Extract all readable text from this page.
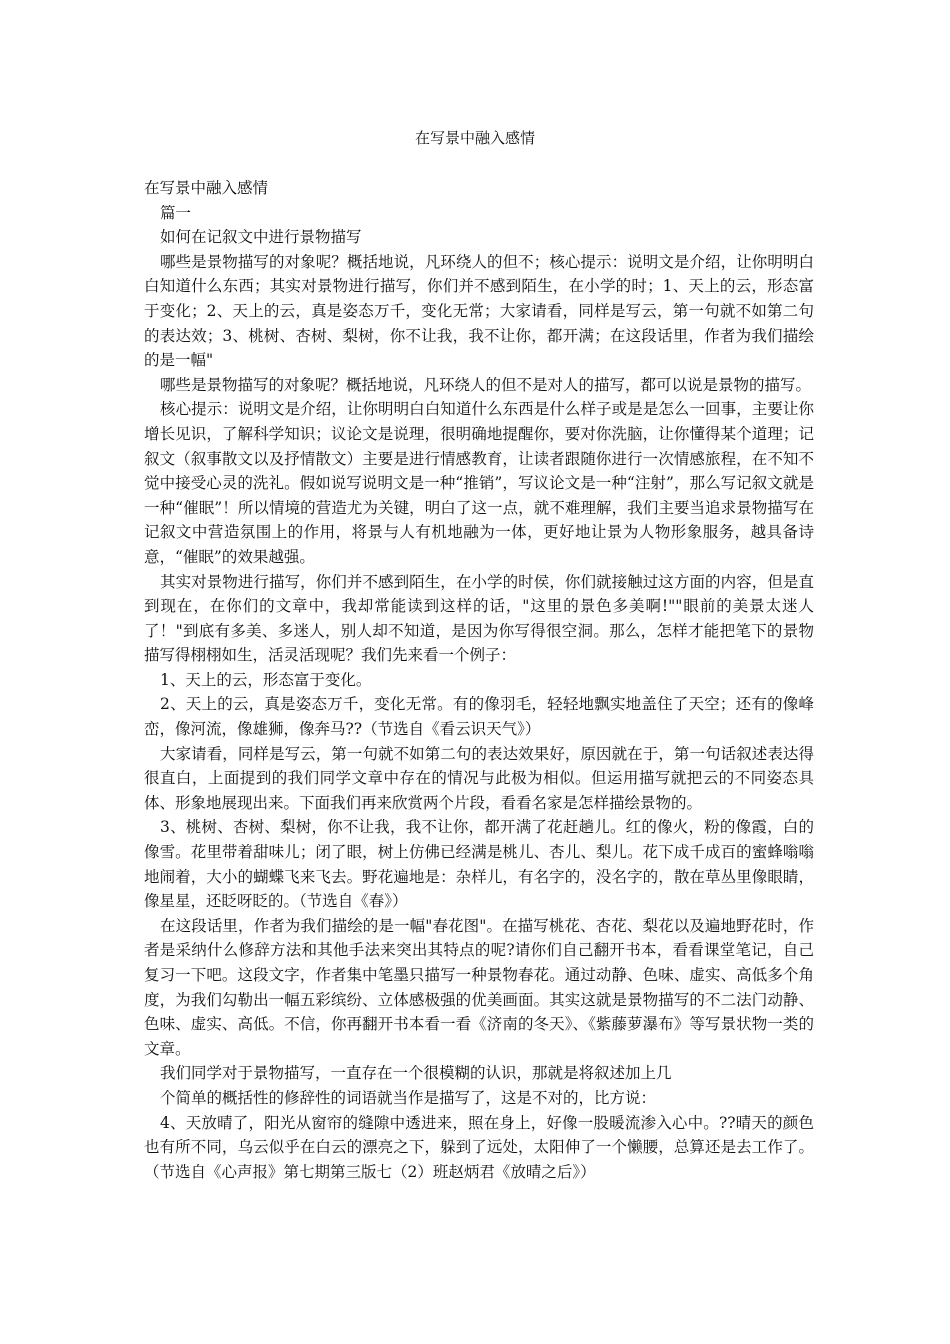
在写景中融入感情

在写景中融入感情

篇一

如何在记叙文中进行景物描写

哪些是景物描写的对象呢？概括地说，凡环绕人的但不；核心提示：说明文是介绍，让你明明白白知道什么东西；其实对景物进行描写，你们并不感到陌生，在小学的时；1、天上的云，形态富于变化；2、天上的云，真是姿态万千，变化无常；大家请看，同样是写云，第一句就不如第二句的表达效；3、桃树、杏树、梨树，你不让我，我不让你，都开满；在这段话里，作者为我们描绘的是一幅"

哪些是景物描写的对象呢？概括地说，凡环绕人的但不是对人的描写，都可以说是景物的描写。

核心提示：说明文是介绍，让你明明白白知道什么东西是什么样子或是是怎么一回事，主要让你增长见识，了解科学知识；议论文是说理，很明确地提醒你，要对你洗脑，让你懂得某个道理；记叙文（叙事散文以及抒情散文）主要是进行情感教育，让读者跟随你进行一次情感旅程，在不知不觉中接受心灵的洗礼。假如说写说明文是一种“推销”，写议论文是一种“注射”，那么写记叙文就是一种“催眠”！所以情境的营造尤为关键，明白了这一点，就不难理解，我们主要当追求景物描写在记叙文中营造氛围上的作用，将景与人有机地融为一体，更好地让景为人物形象服务，越具备诗意，“催眠”的效果越强。

其实对景物进行描写，你们并不感到陌生，在小学的时侯，你们就接触过这方面的内容，但是直到现在，在你们的文章中，我却常能读到这样的话，"这里的景色多美啊!""眼前的美景太迷人了！"到底有多美、多迷人，别人却不知道，是因为你写得很空洞。那么，怎样才能把笔下的景物描写得栩栩如生，活灵活现呢？我们先来看一个例子：

1、天上的云，形态富于变化。

2、天上的云，真是姿态万千，变化无常。有的像羽毛，轻轻地飘实地盖住了天空；还有的像峰峦，像河流，像雄狮，像奔马??（节选自《看云识天气》）

大家请看，同样是写云，第一句就不如第二句的表达效果好，原因就在于，第一句话叙述表达得很直白，上面提到的我们同学文章中存在的情况与此极为相似。但运用描写就把云的不同姿态具体、形象地展现出来。下面我们再来欣赏两个片段，看看名家是怎样描绘景物的。

3、桃树、杏树、梨树，你不让我，我不让你，都开满了花赶趟儿。红的像火，粉的像霞，白的像雪。花里带着甜味儿；闭了眼，树上仿佛已经满是桃儿、杏儿、梨儿。花下成千成百的蜜蜂嗡嗡地闹着，大小的蝴蝶飞来飞去。野花遍地是：杂样儿，有名字的，没名字的，散在草丛里像眼睛，像星星，还眨呀眨的。（节选自《春》）

在这段话里，作者为我们描绘的是一幅"春花图"。在描写桃花、杏花、梨花以及遍地野花时，作者是采纳什么修辞方法和其他手法来突出其特点的呢?请你们自己翻开书本，看看课堂笔记，自己复习一下吧。这段文字，作者集中笔墨只描写一种景物春花。通过动静、色味、虚实、高低多个角度，为我们勾勒出一幅五彩缤纷、立体感极强的优美画面。其实这就是景物描写的不二法门动静、色味、虚实、高低。不信，你再翻开书本看一看《济南的冬天》、《紫藤萝瀑布》等写景状物一类的文章。

我们同学对于景物描写，一直存在一个很模糊的认识，那就是将叙述加上几

个简单的概括性的修辞性的词语就当作是描写了，这是不对的，比方说：

4、天放晴了，阳光从窗帘的缝隙中透进来，照在身上，好像一股暖流渗入心中。??晴天的颜色也有所不同，乌云似乎在白云的漂亮之下，躲到了远处，太阳伸了一个懒腰，总算还是去工作了。（节选自《心声报》第七期第三版七（2）班赵炳君《放晴之后》）
